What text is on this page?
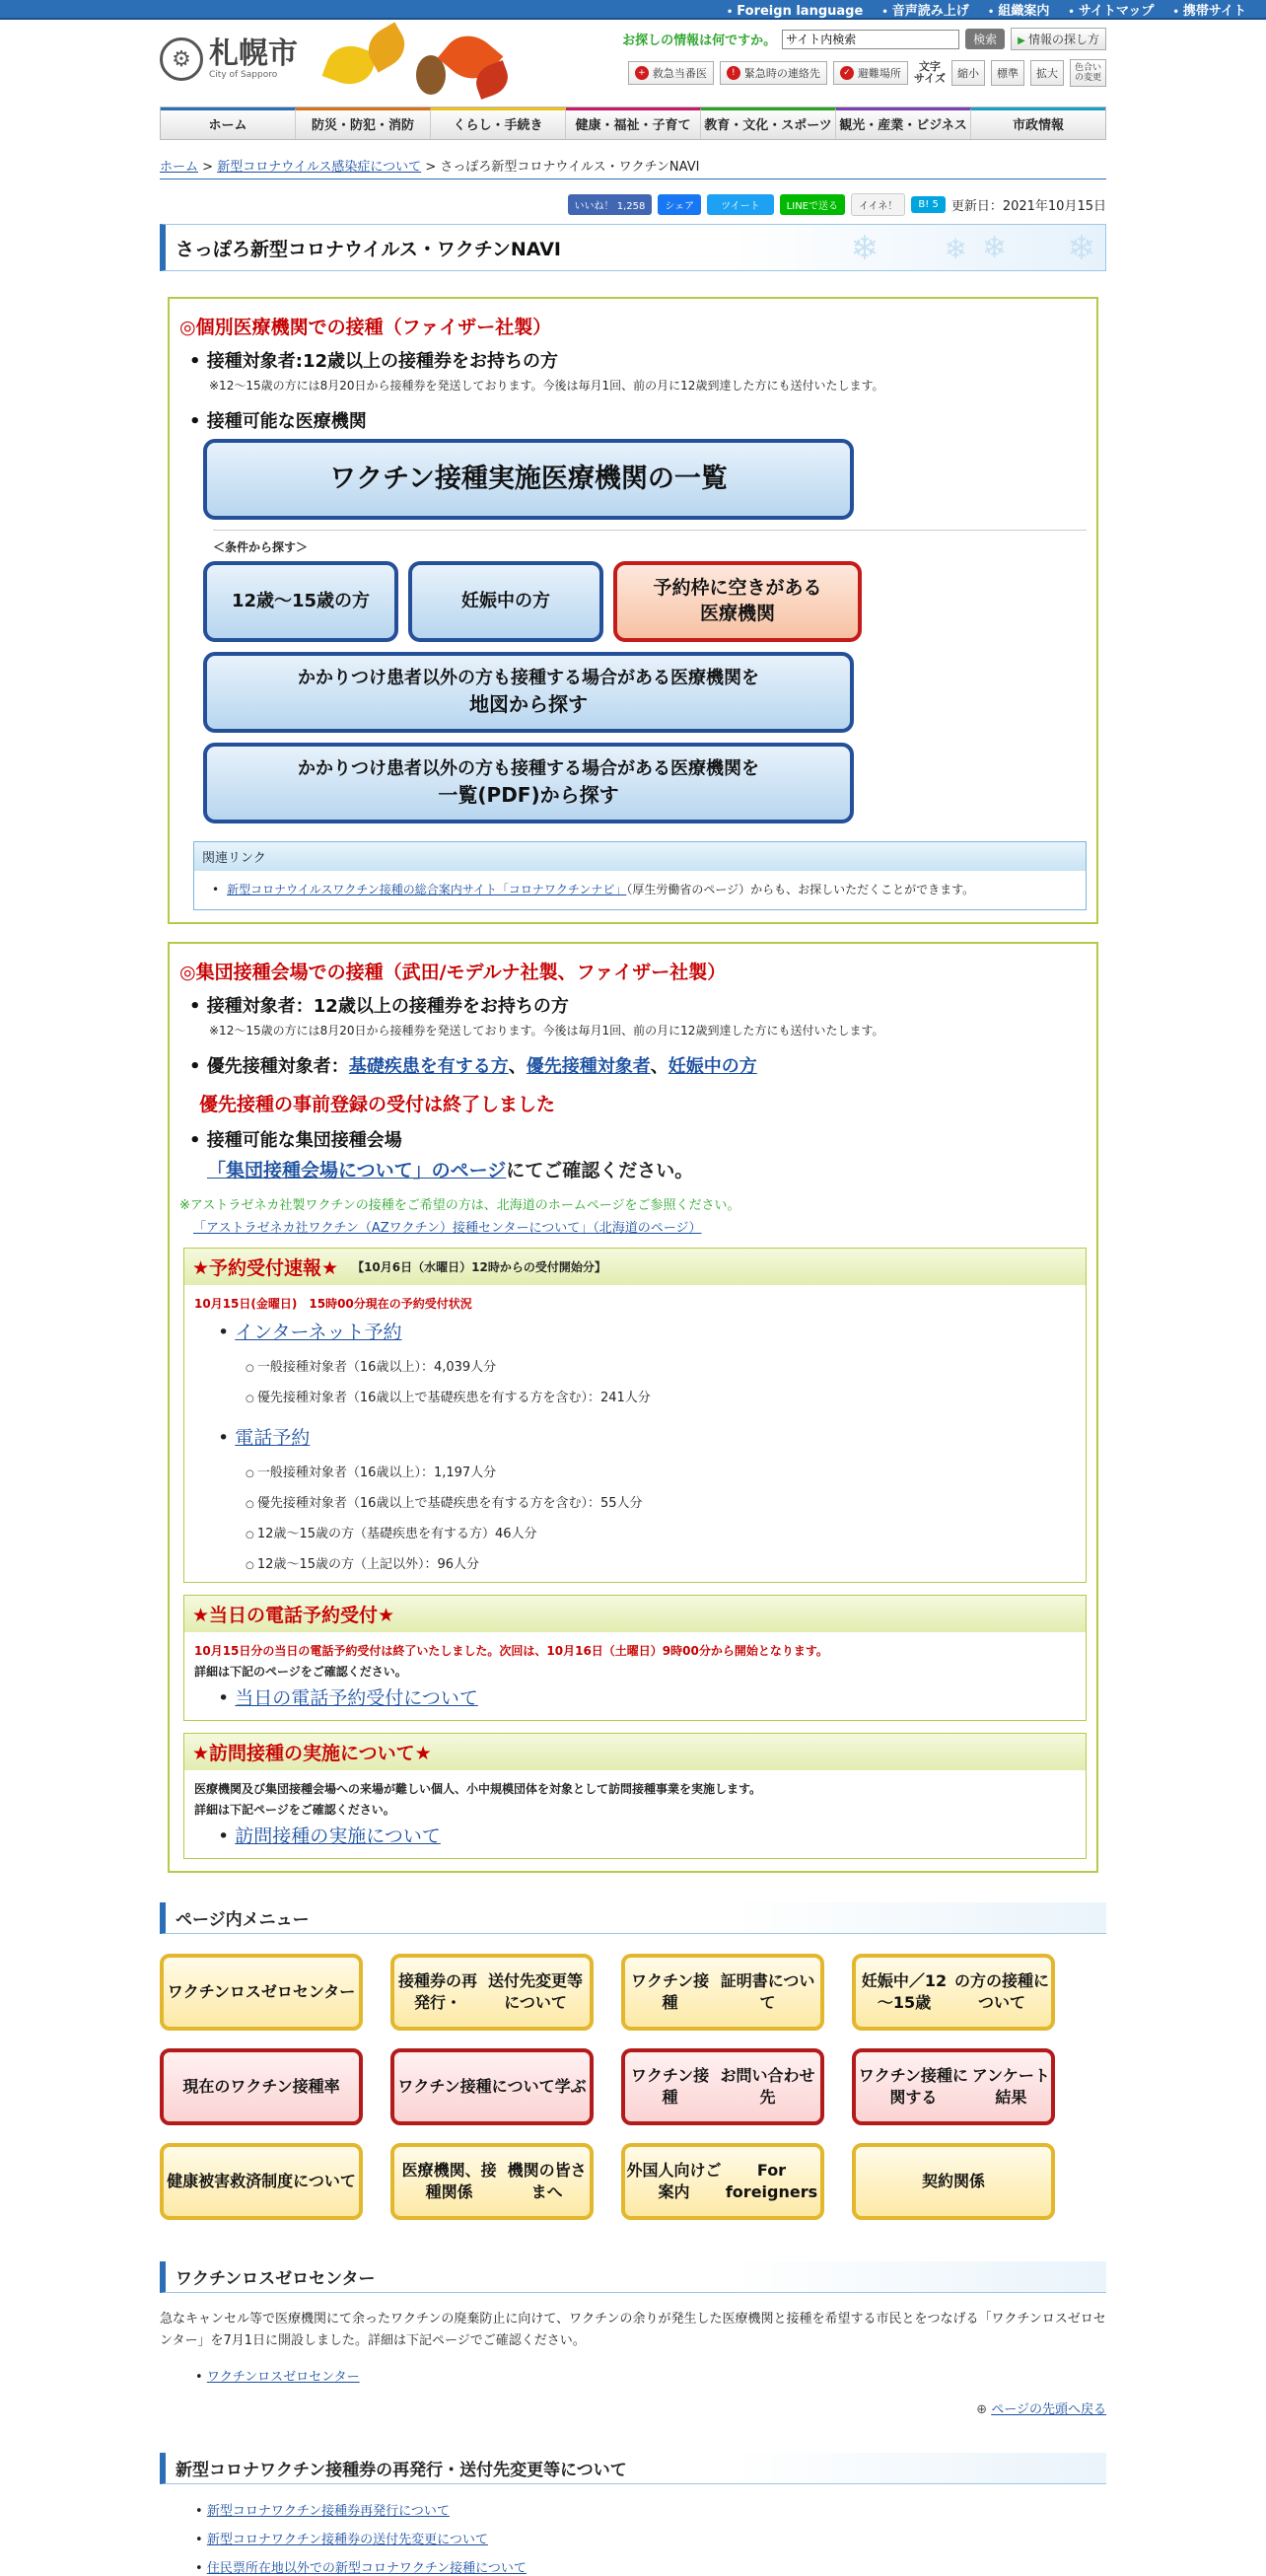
• Foreign language • 音声読み上げ • 組織案内 • サイトマップ • 携帯サイト
⚙ 札幌市
City of Sapporo
お探しの情報は何ですか。
サイト内検索	検索	▶ 情報の探し方
+ 救急当番医	! 緊急時の連絡先	✓ 避難場所
文字
サイズ	縮小	標準	拡大	色合い
の変更
ホーム	防災・防犯・消防	くらし・手続き	健康・福祉・子育て	教育・文化・スポーツ 観光・産業・ビジネス	市政情報
ホーム > 新型コロナウイルス感染症について > さっぽろ新型コロナウイルス・ワクチンNAVI
いいね！ 1,258	シェア	ツイート	LINEで送る	イイネ！	B! 5	更新日：2021年10月15日
さっぽろ新型コロナウイルス・ワクチンNAVI	❄ ❄	❄
❄
◎個別医療機関での接種（ファイザー社製）
• 接種対象者:12歳以上の接種券をお持ちの方
※12～15歳の方には8月20日から接種券を発送しております。今後は毎月1回、前の月に12歳到達した方にも送付いたします。
• 接種可能な医療機関
ワクチン接種実施医療機関の一覧
＜条件から探す＞
12歳～15歳の方	妊娠中の方
予約枠に空きがある
医療機関
かかりつけ患者以外の方も接種する場合がある医療機関を
地図から探す
かかりつけ患者以外の方も接種する場合がある医療機関を
一覧(PDF)から探す
関連リンク
• 新型コロナウイルスワクチン接種の総合案内サイト「コロナワクチンナビ」（厚生労働省のページ）からも、お探しいただくことができます。
◎集団接種会場での接種（武田/モデルナ社製、ファイザー社製）
• 接種対象者：12歳以上の接種券をお持ちの方
※12～15歳の方には8月20日から接種券を発送しております。今後は毎月1回、前の月に12歳到達した方にも送付いたします。
• 優先接種対象者：基礎疾患を有する方、優先接種対象者、妊娠中の方
優先接種の事前登録の受付は終了しました
• 接種可能な集団接種会場
「集団接種会場について」のページにてご確認ください。
※アストラゼネカ社製ワクチンの接種をご希望の方は、北海道のホームページをご参照ください。
「アストラゼネカ社ワクチン（AZワクチン）接種センターについて」（北海道のページ）
★予約受付速報★ 【10月6日（水曜日）12時からの受付開始分】
10月15日(金曜日)　15時00分現在の予約受付状況
• インターネット予約
○ 一般接種対象者（16歳以上）：4,039人分
○ 優先接種対象者（16歳以上で基礎疾患を有する方を含む）：241人分
• 電話予約
○ 一般接種対象者（16歳以上）：1,197人分
○ 優先接種対象者（16歳以上で基礎疾患を有する方を含む）：55人分
○ 12歳～15歳の方（基礎疾患を有する方）46人分
○ 12歳～15歳の方（上記以外）：96人分
★当日の電話予約受付★
10月15日分の当日の電話予約受付は終了いたしました。次回は、10月16日（土曜日）9時00分から開始となります。
詳細は下記のページをご確認ください。
• 当日の電話予約受付について
★訪問接種の実施について★
医療機関及び集団接種会場への来場が難しい個人、小中規模団体を対象として訪問接種事業を実施します。
詳細は下記ページをご確認ください。
• 訪問接種の実施について
ページ内メニュー
ワクチンロス ゼロセンター
接種券の再発行・

送付先変更等について
ワクチン接種

証明書について
妊娠中／12～15歳

の方の接種について
現在のワクチン 接種率	ワクチン接種に ついて学ぶ
ワクチン接種

お問い合わせ先
ワクチン接種に関する

アンケート結果
健康被害救済制度 について
医療機関、接種関係

機関の皆さまへ
外国人向けご案内

For foreigners
契約関係
ワクチンロスゼロセンター
急なキャンセル等で医療機関にて余ったワクチンの廃棄防止に向けて、ワクチンの余りが発生した医療機関と接種を希望する市民とをつなげる「ワクチンロスゼロセンター」を7月1日に開設しました。詳細は下記ページでご確認ください。
• ワクチンロスゼロセンター
⊕ ページの先頭へ戻る
新型コロナワクチン接種券の再発行・送付先変更等について
• 新型コロナワクチン接種券再発行について
• 新型コロナワクチン接種券の送付先変更について
• 住民票所在地以外での新型コロナワクチン接種について
